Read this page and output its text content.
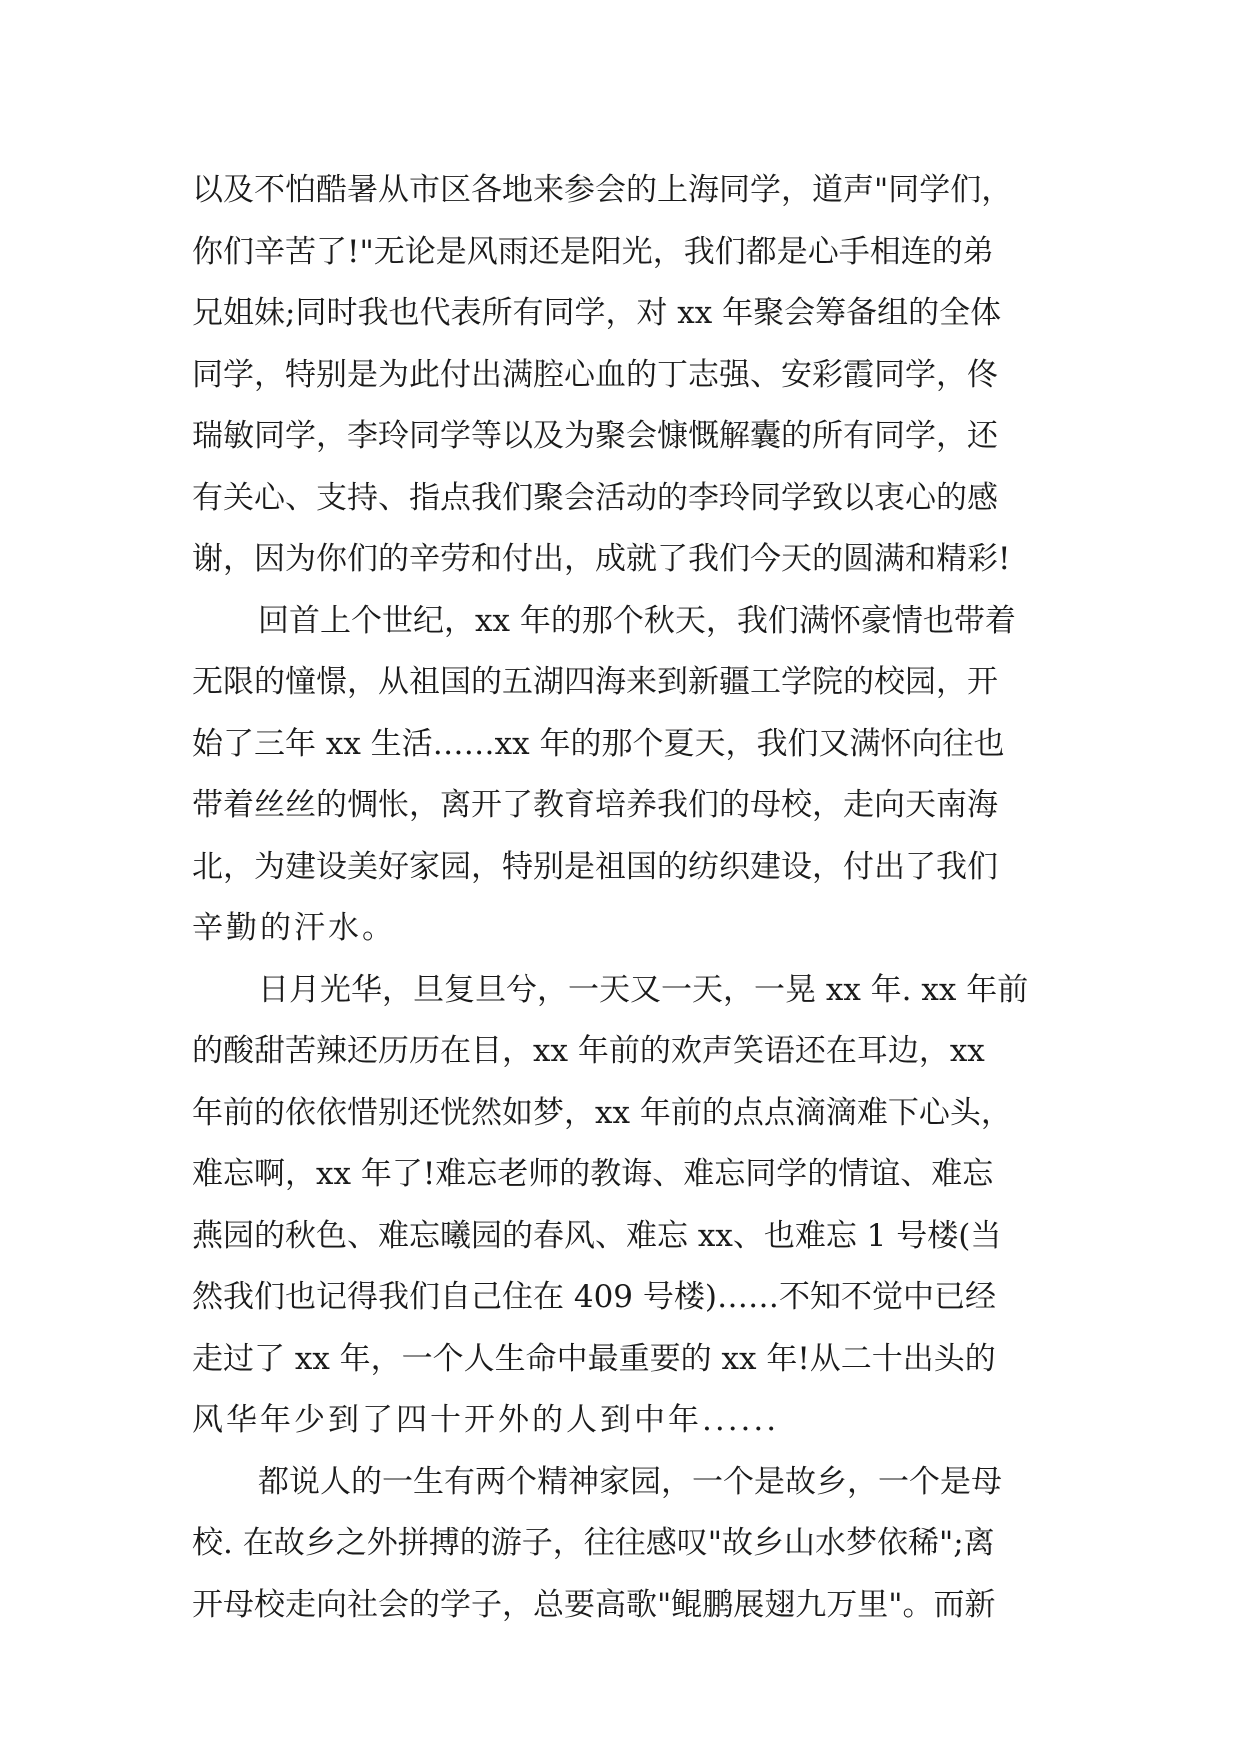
以及不怕酷暑从市区各地来参会的上海同学，道声"同学们，
你们辛苦了!"无论是风雨还是阳光，我们都是心手相连的弟
兄姐妹;同时我也代表所有同学，对 xx 年聚会筹备组的全体
同学，特别是为此付出满腔心血的丁志强、安彩霞同学，佟
瑞敏同学，李玲同学等以及为聚会慷慨解囊的所有同学，还
有关心、支持、指点我们聚会活动的李玲同学致以衷心的感
谢，因为你们的辛劳和付出，成就了我们今天的圆满和精彩!
回首上个世纪，xx 年的那个秋天，我们满怀豪情也带着
无限的憧憬，从祖国的五湖四海来到新疆工学院的校园，开
始了三年 xx 生活……xx 年的那个夏天，我们又满怀向往也
带着丝丝的惆怅，离开了教育培养我们的母校，走向天南海
北，为建设美好家园，特别是祖国的纺织建设，付出了我们
辛勤的汗水。
日月光华，旦复旦兮，一天又一天，一晃 xx 年. xx 年前
的酸甜苦辣还历历在目，xx 年前的欢声笑语还在耳边，xx
年前的依依惜别还恍然如梦，xx 年前的点点滴滴难下心头，
难忘啊，xx 年了!难忘老师的教诲、难忘同学的情谊、难忘
燕园的秋色、难忘曦园的春风、难忘 xx、也难忘 1 号楼(当
然我们也记得我们自己住在 409 号楼)……不知不觉中已经
走过了 xx 年，一个人生命中最重要的 xx 年!从二十出头的
风华年少到了四十开外的人到中年......
都说人的一生有两个精神家园，一个是故乡，一个是母
校. 在故乡之外拼搏的游子，往往感叹"故乡山水梦依稀";离
开母校走向社会的学子，总要高歌"鲲鹏展翅九万里"。而新
